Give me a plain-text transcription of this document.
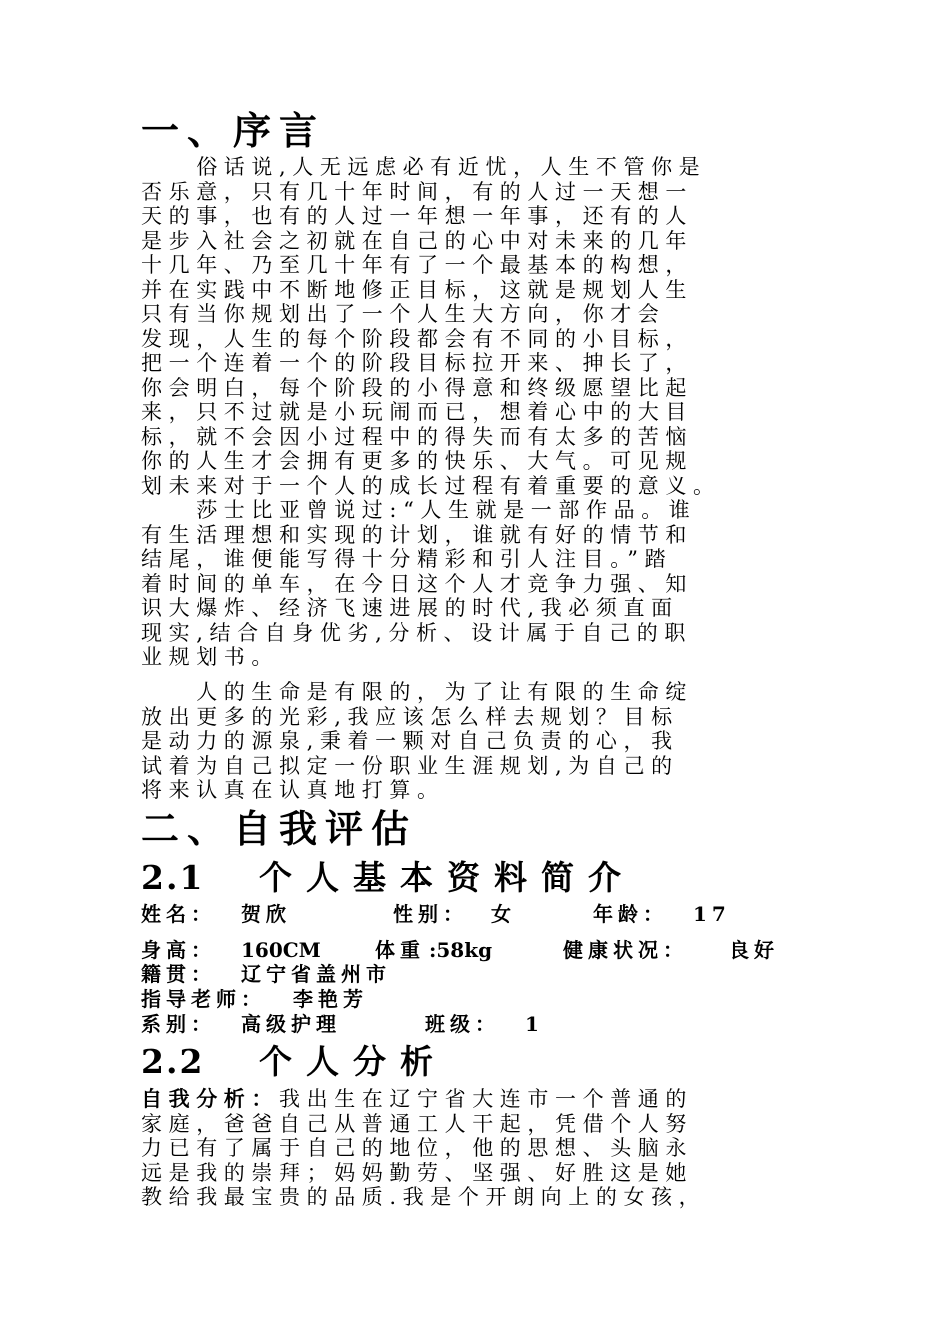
一、序言
　　俗话说,人无远虑必有近忧，人生不管你是
否乐意，只有几十年时间，有的人过一天想一
天的事，也有的人过一年想一年事，还有的人
是步入社会之初就在自己的心中对未来的几年
十几年、乃至几十年有了一个最基本的构想，
并在实践中不断地修正目标，这就是规划人生
只有当你规划出了一个人生大方向，你才会
发现，人生的每个阶段都会有不同的小目标，
把一个连着一个的阶段目标拉开来、抻长了，
你会明白，每个阶段的小得意和终级愿望比起
来，只不过就是小玩闹而已，想着心中的大目
标，就不会因小过程中的得失而有太多的苦恼
你的人生才会拥有更多的快乐、大气。可见规
划未来对于一个人的成长过程有着重要的意义。
　　莎士比亚曾说过:“人生就是一部作品。谁
有生活理想和实现的计划，谁就有好的情节和
结尾，谁便能写得十分精彩和引人注目。”踏
着时间的单车，在今日这个人才竞争力强、知
识大爆炸、经济飞速进展的时代,我必须直面
现实,结合自身优劣,分析、设计属于自己的职
业规划书。
　　人的生命是有限的，为了让有限的生命绽
放出更多的光彩,我应该怎么样去规划？目标
是动力的源泉,秉着一颗对自己负责的心，我
试着为自己拟定一份职业生涯规划,为自己的
将来认真在认真地打算。
二、自我评估
2.1	个人基本资料简介
姓名： 贺欣	性别： 女	年龄： 17
身高： 160CM	体重 :58kg	健康状况： 良好
籍贯： 辽宁省盖州市
指导老师： 李艳芳
系别： 高级护理	班级： 1
2.2	个人分析
自我分析：我出生在辽宁省大连市一个普通的
家庭，爸爸自己从普通工人干起，凭借个人努
力已有了属于自己的地位，他的思想、头脑永
远是我的崇拜；妈妈勤劳、坚强、好胜这是她
教给我最宝贵的品质.我是个开朗向上的女孩，
